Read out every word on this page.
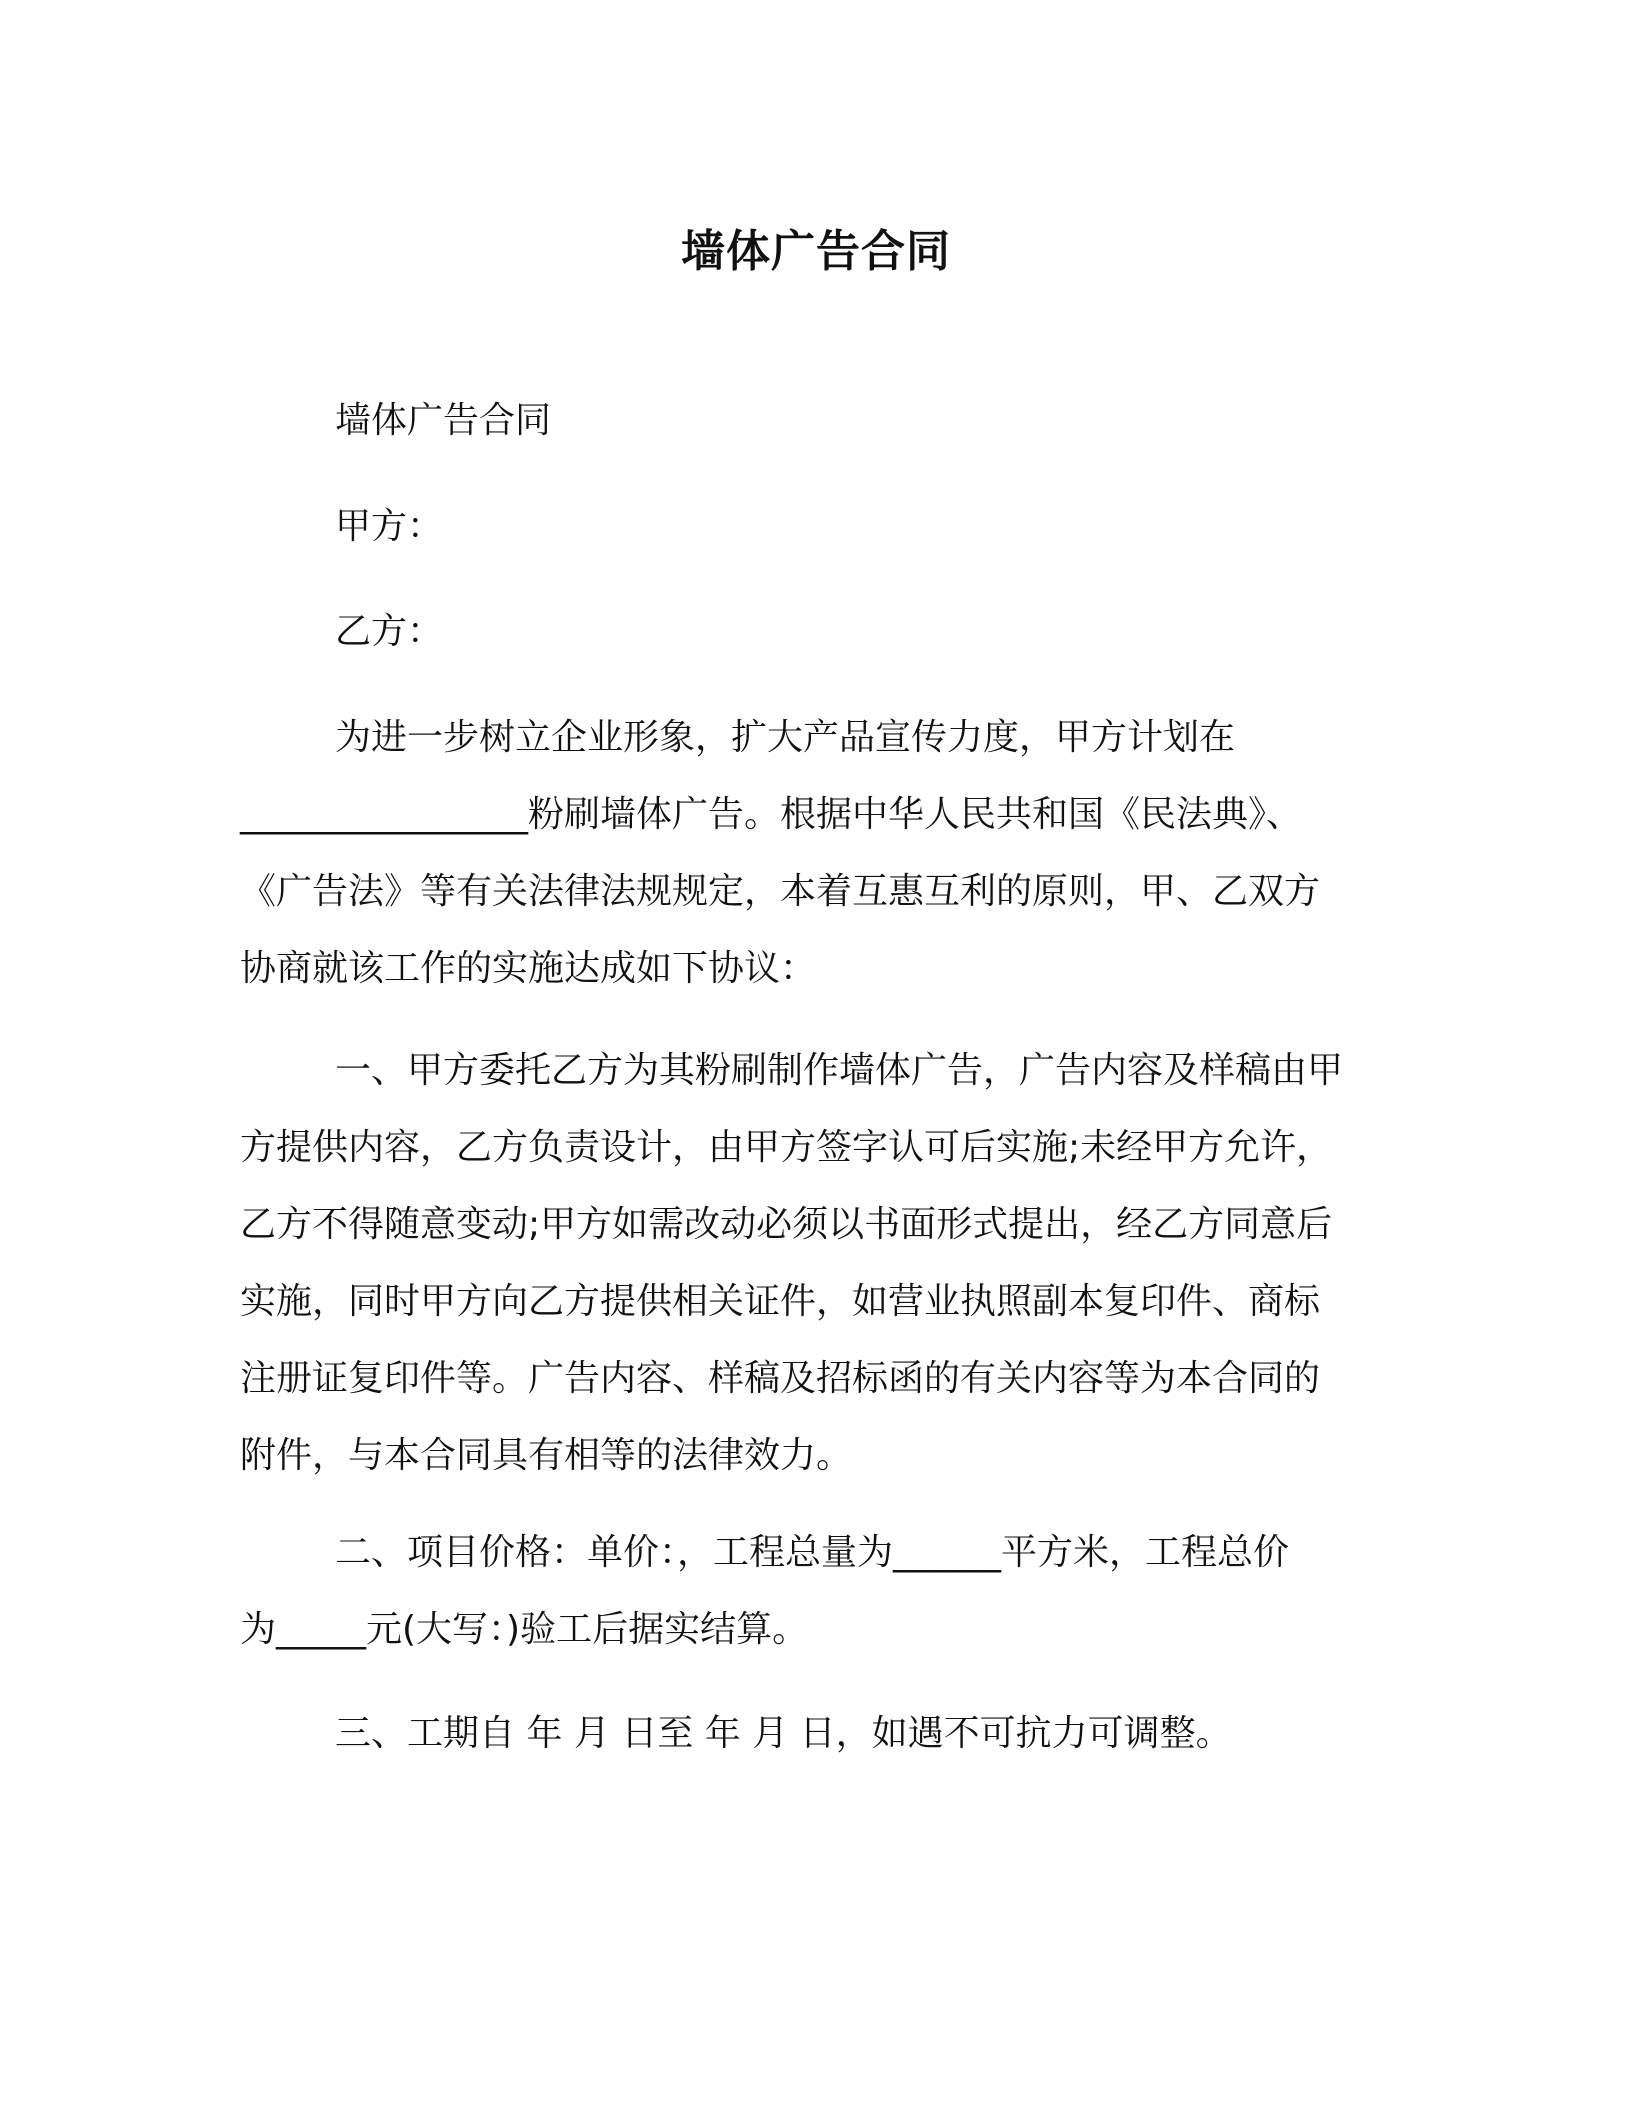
墙体广告合同

墙体广告合同

甲方：

乙方：

为进一步树立企业形象，扩大产品宣传力度，甲方计划在
________________粉刷墙体广告。根据中华人民共和国《民法典》、
《广告法》等有关法律法规规定，本着互惠互利的原则，甲、乙双方
协商就该工作的实施达成如下协议：
一、甲方委托乙方为其粉刷制作墙体广告，广告内容及样稿由甲
方提供内容，乙方负责设计，由甲方签字认可后实施;未经甲方允许，
乙方不得随意变动;甲方如需改动必须以书面形式提出，经乙方同意后
实施，同时甲方向乙方提供相关证件，如营业执照副本复印件、商标
注册证复印件等。广告内容、样稿及招标函的有关内容等为本合同的
附件，与本合同具有相等的法律效力。
二、项目价格：单价：，工程总量为______平方米，工程总价
为_____元(大写：)验工后据实结算。
三、工期自 年 月 日至 年 月 日，如遇不可抗力可调整。
